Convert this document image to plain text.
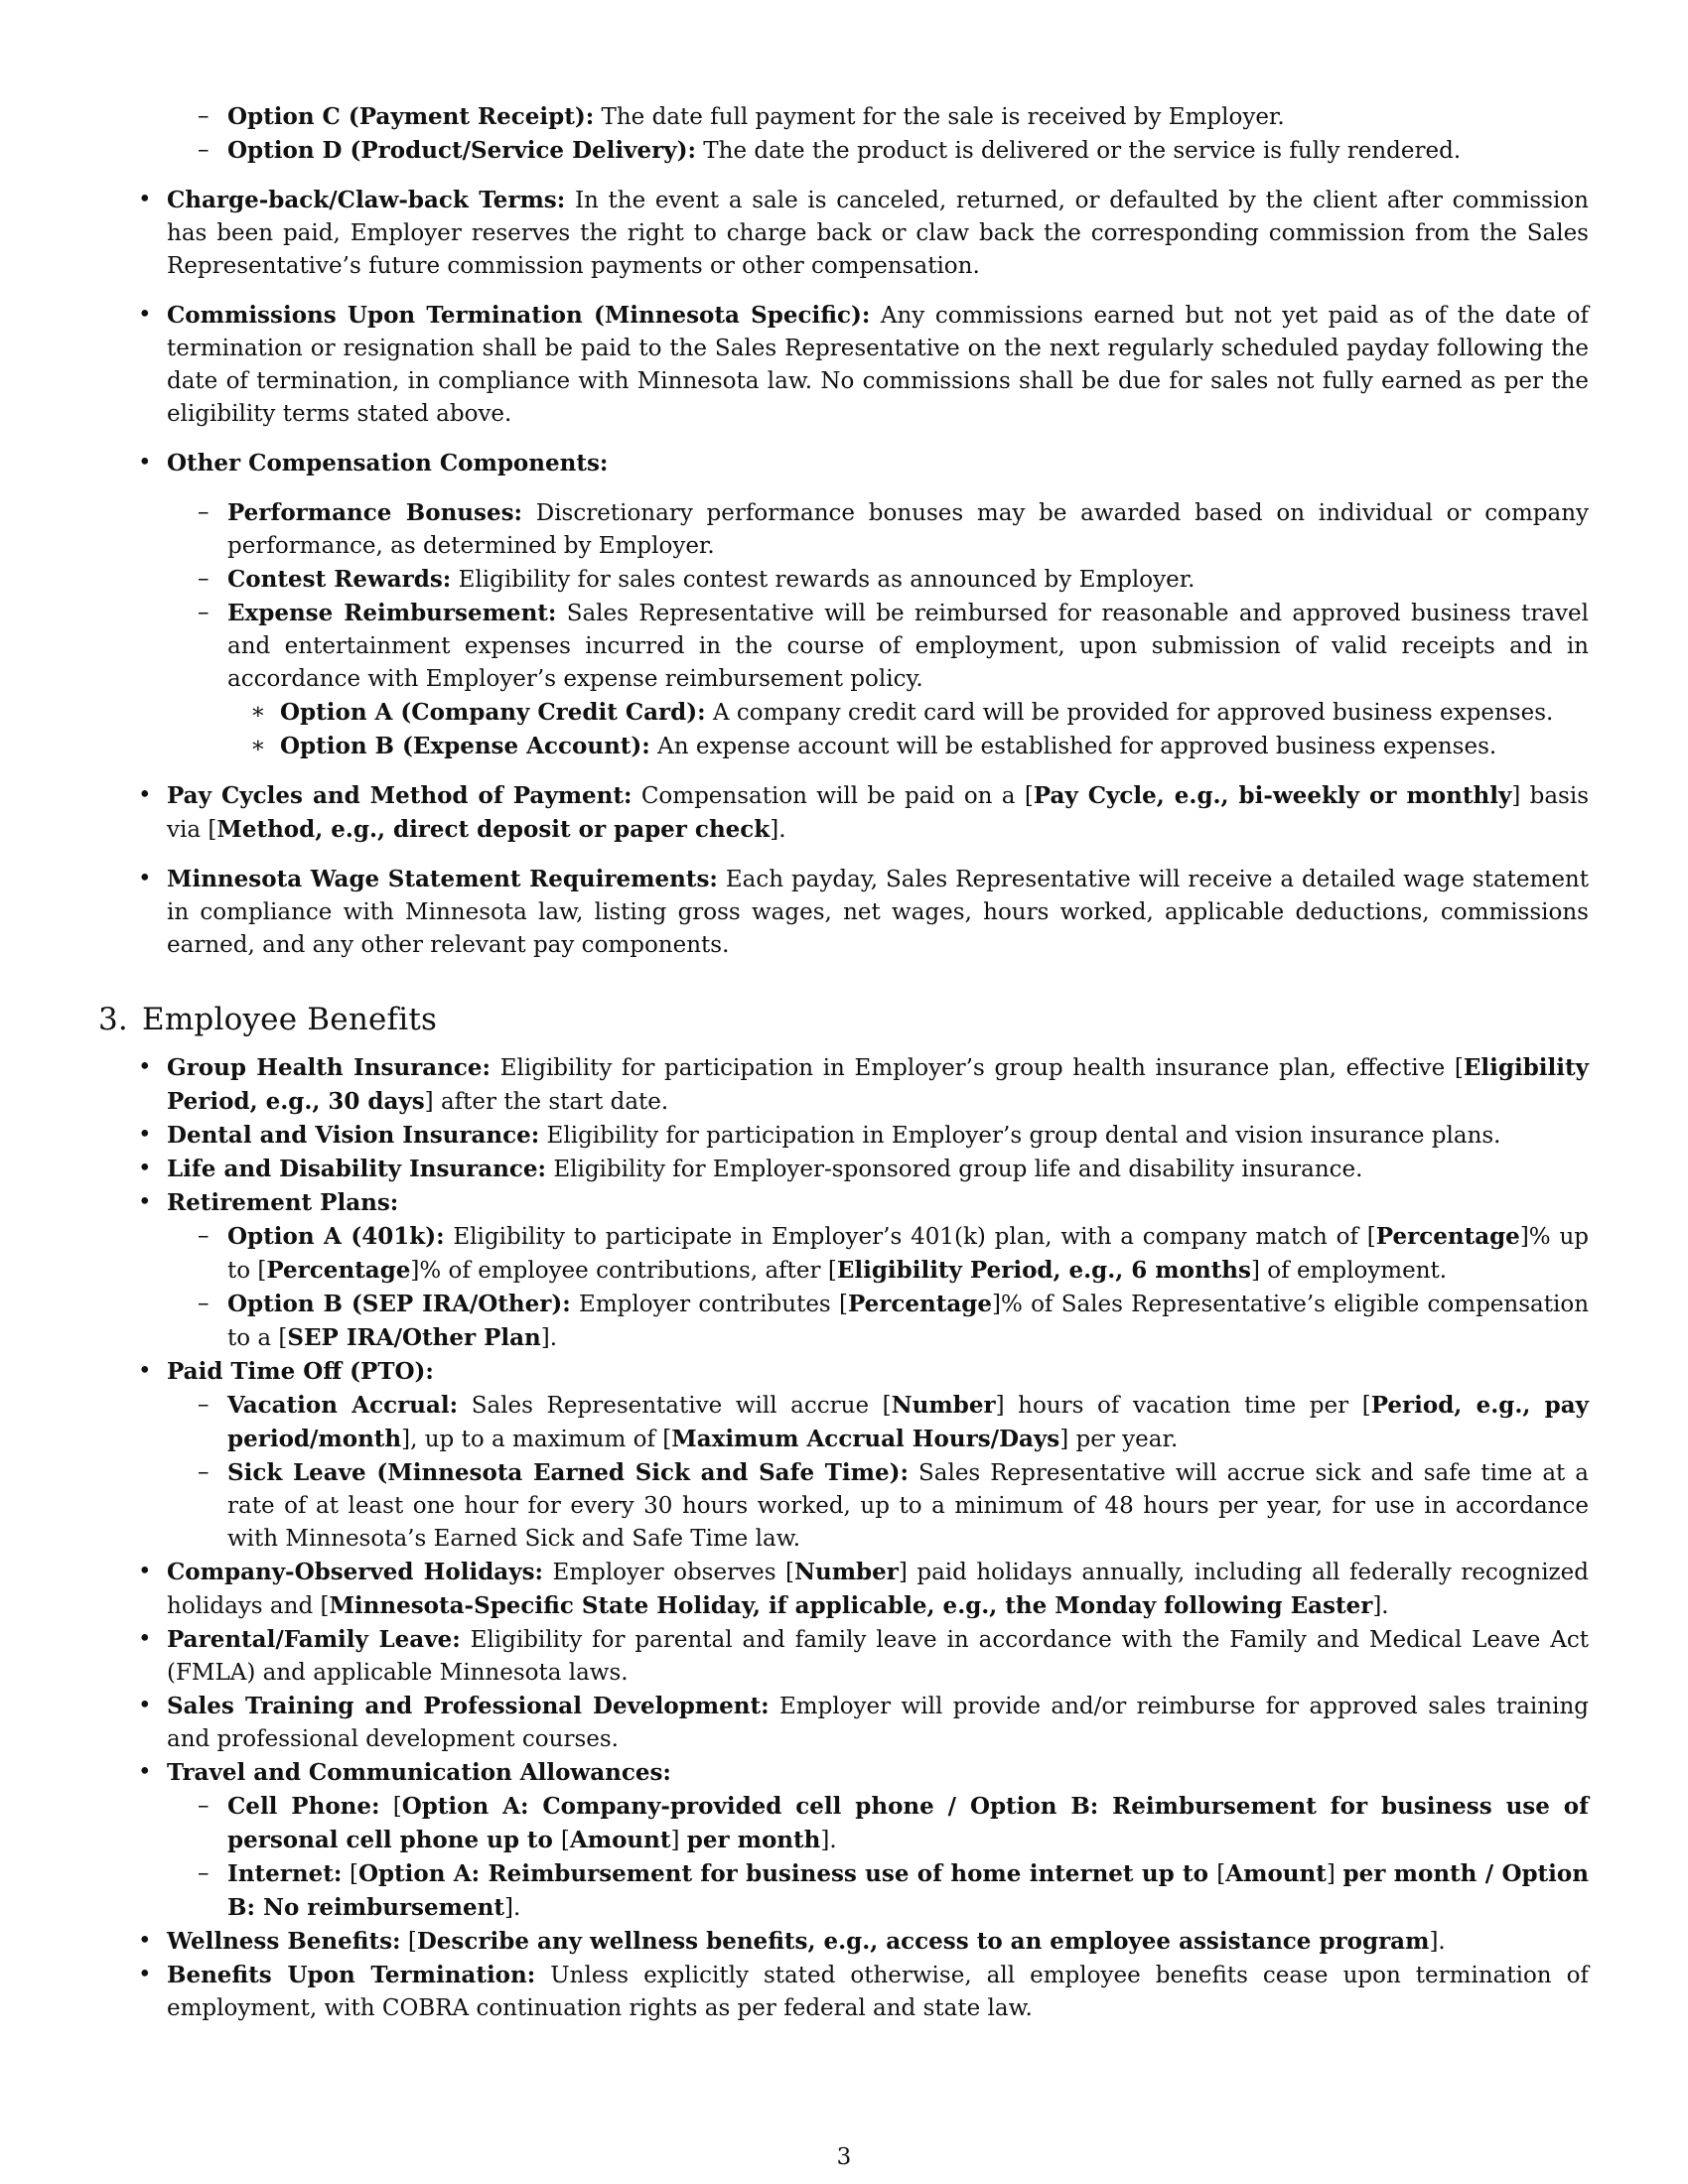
– Option C (Payment Receipt): The date full payment for the sale is received by Employer.

– Option D (Product/Service Delivery): The date the product is delivered or the service is fully rendered.

• Charge-back/Claw-back Terms: In the event a sale is canceled, returned, or defaulted by the client after commission has been paid, Employer reserves the right to charge back or claw back the corresponding commission from the Sales Representative’s future commission payments or other compensation.

• Commissions Upon Termination (Minnesota Specific): Any commissions earned but not yet paid as of the date of termination or resignation shall be paid to the Sales Representative on the next regularly scheduled payday following the date of termination, in compliance with Minnesota law. No commissions shall be due for sales not fully earned as per the eligibility terms stated above.

• Other Compensation Components:

– Performance Bonuses: Discretionary performance bonuses may be awarded based on individual or company performance, as determined by Employer.

– Contest Rewards: Eligibility for sales contest rewards as announced by Employer.

– Expense Reimbursement: Sales Representative will be reimbursed for reasonable and approved business travel and entertainment expenses incurred in the course of employment, upon submission of valid receipts and in accordance with Employer’s expense reimbursement policy.

∗ Option A (Company Credit Card): A company credit card will be provided for approved business expenses.

∗ Option B (Expense Account): An expense account will be established for approved business expenses.

• Pay Cycles and Method of Payment: Compensation will be paid on a [Pay Cycle, e.g., bi-weekly or monthly] basis via [Method, e.g., direct deposit or paper check].

• Minnesota Wage Statement Requirements: Each payday, Sales Representative will receive a detailed wage statement in compliance with Minnesota law, listing gross wages, net wages, hours worked, applicable deductions, commissions earned, and any other relevant pay components.

3. Employee Benefits

• Group Health Insurance: Eligibility for participation in Employer’s group health insurance plan, effective [Eligibility Period, e.g., 30 days] after the start date.

• Dental and Vision Insurance: Eligibility for participation in Employer’s group dental and vision insurance plans.

• Life and Disability Insurance: Eligibility for Employer-sponsored group life and disability insurance.

• Retirement Plans:

– Option A (401k): Eligibility to participate in Employer’s 401(k) plan, with a company match of [Percentage]% up to [Percentage]% of employee contributions, after [Eligibility Period, e.g., 6 months] of employment.

– Option B (SEP IRA/Other): Employer contributes [Percentage]% of Sales Representative’s eligible compensation to a [SEP IRA/Other Plan].

• Paid Time Off (PTO):

– Vacation Accrual: Sales Representative will accrue [Number] hours of vacation time per [Period, e.g., pay period/month], up to a maximum of [Maximum Accrual Hours/Days] per year.

– Sick Leave (Minnesota Earned Sick and Safe Time): Sales Representative will accrue sick and safe time at a rate of at least one hour for every 30 hours worked, up to a minimum of 48 hours per year, for use in accordance with Minnesota’s Earned Sick and Safe Time law.

• Company-Observed Holidays: Employer observes [Number] paid holidays annually, including all federally recognized holidays and [Minnesota-Specific State Holiday, if applicable, e.g., the Monday following Easter].

• Parental/Family Leave: Eligibility for parental and family leave in accordance with the Family and Medical Leave Act (FMLA) and applicable Minnesota laws.

• Sales Training and Professional Development: Employer will provide and/or reimburse for approved sales training and professional development courses.

• Travel and Communication Allowances:

– Cell Phone: [Option A: Company-provided cell phone / Option B: Reimbursement for business use of personal cell phone up to [Amount] per month].

– Internet: [Option A: Reimbursement for business use of home internet up to [Amount] per month / Option B: No reimbursement].

• Wellness Benefits: [Describe any wellness benefits, e.g., access to an employee assistance program].

• Benefits Upon Termination: Unless explicitly stated otherwise, all employee benefits cease upon termination of employment, with COBRA continuation rights as per federal and state law.

3
